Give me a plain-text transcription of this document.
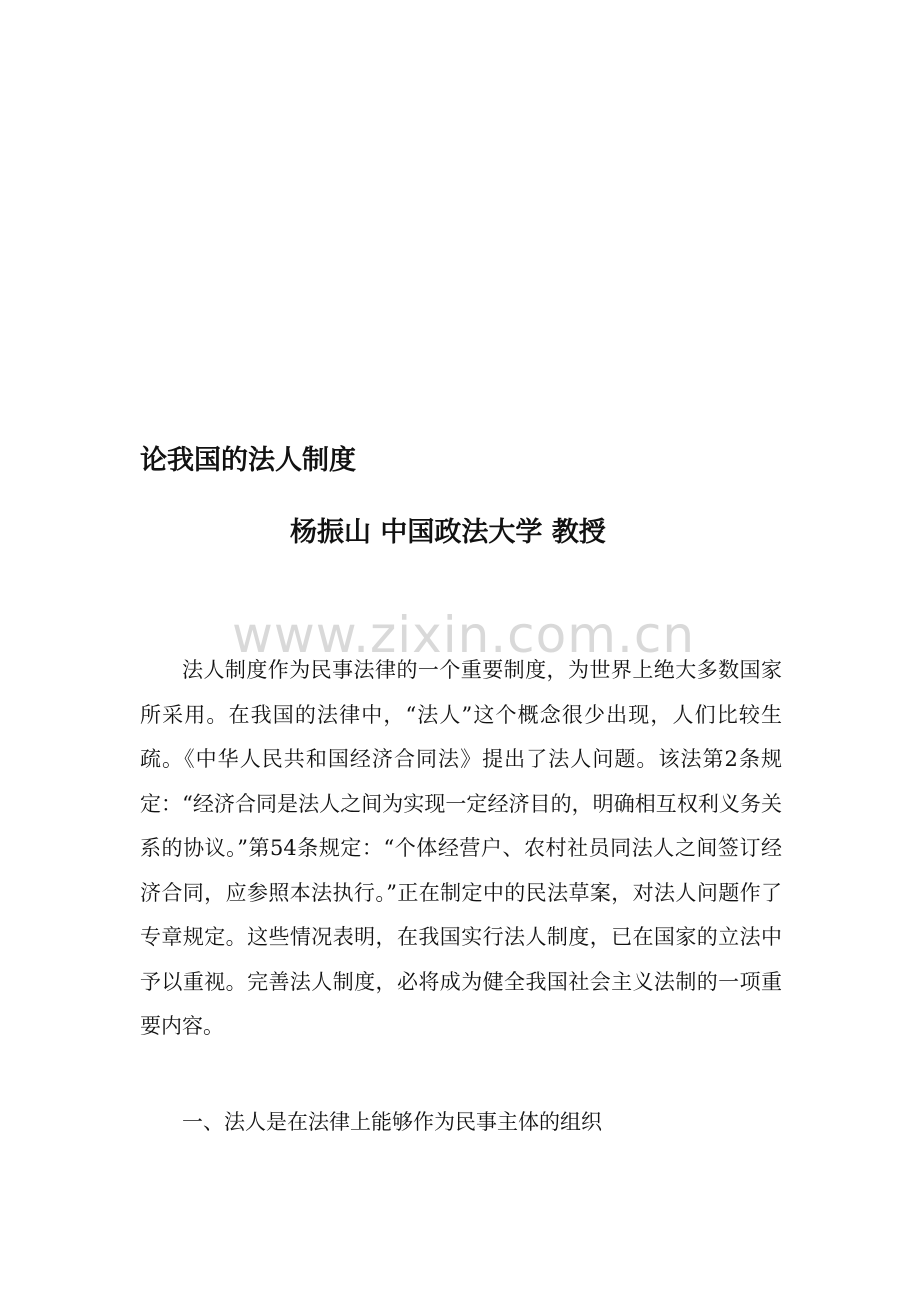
www.zixin.com.cn
论我国的法人制度
杨振山 中国政法大学 教授

法人制度作为民事法律的一个重要制度，为世界上绝大多数国家所采用。在我国的法律中，“法人”这个概念很少出现，人们比较生疏。《中华人民共和国经济合同法》提出了法人问题。该法第2条规定：“经济合同是法人之间为实现一定经济目的，明确相互权利义务关系的协议。”第54条规定：“个体经营户、农村社员同法人之间签订经济合同，应参照本法执行。”正在制定中的民法草案，对法人问题作了专章规定。这些情况表明，在我国实行法人制度，已在国家的立法中予以重视。完善法人制度，必将成为健全我国社会主义法制的一项重要内容。

一、法人是在法律上能够作为民事主体的组织
